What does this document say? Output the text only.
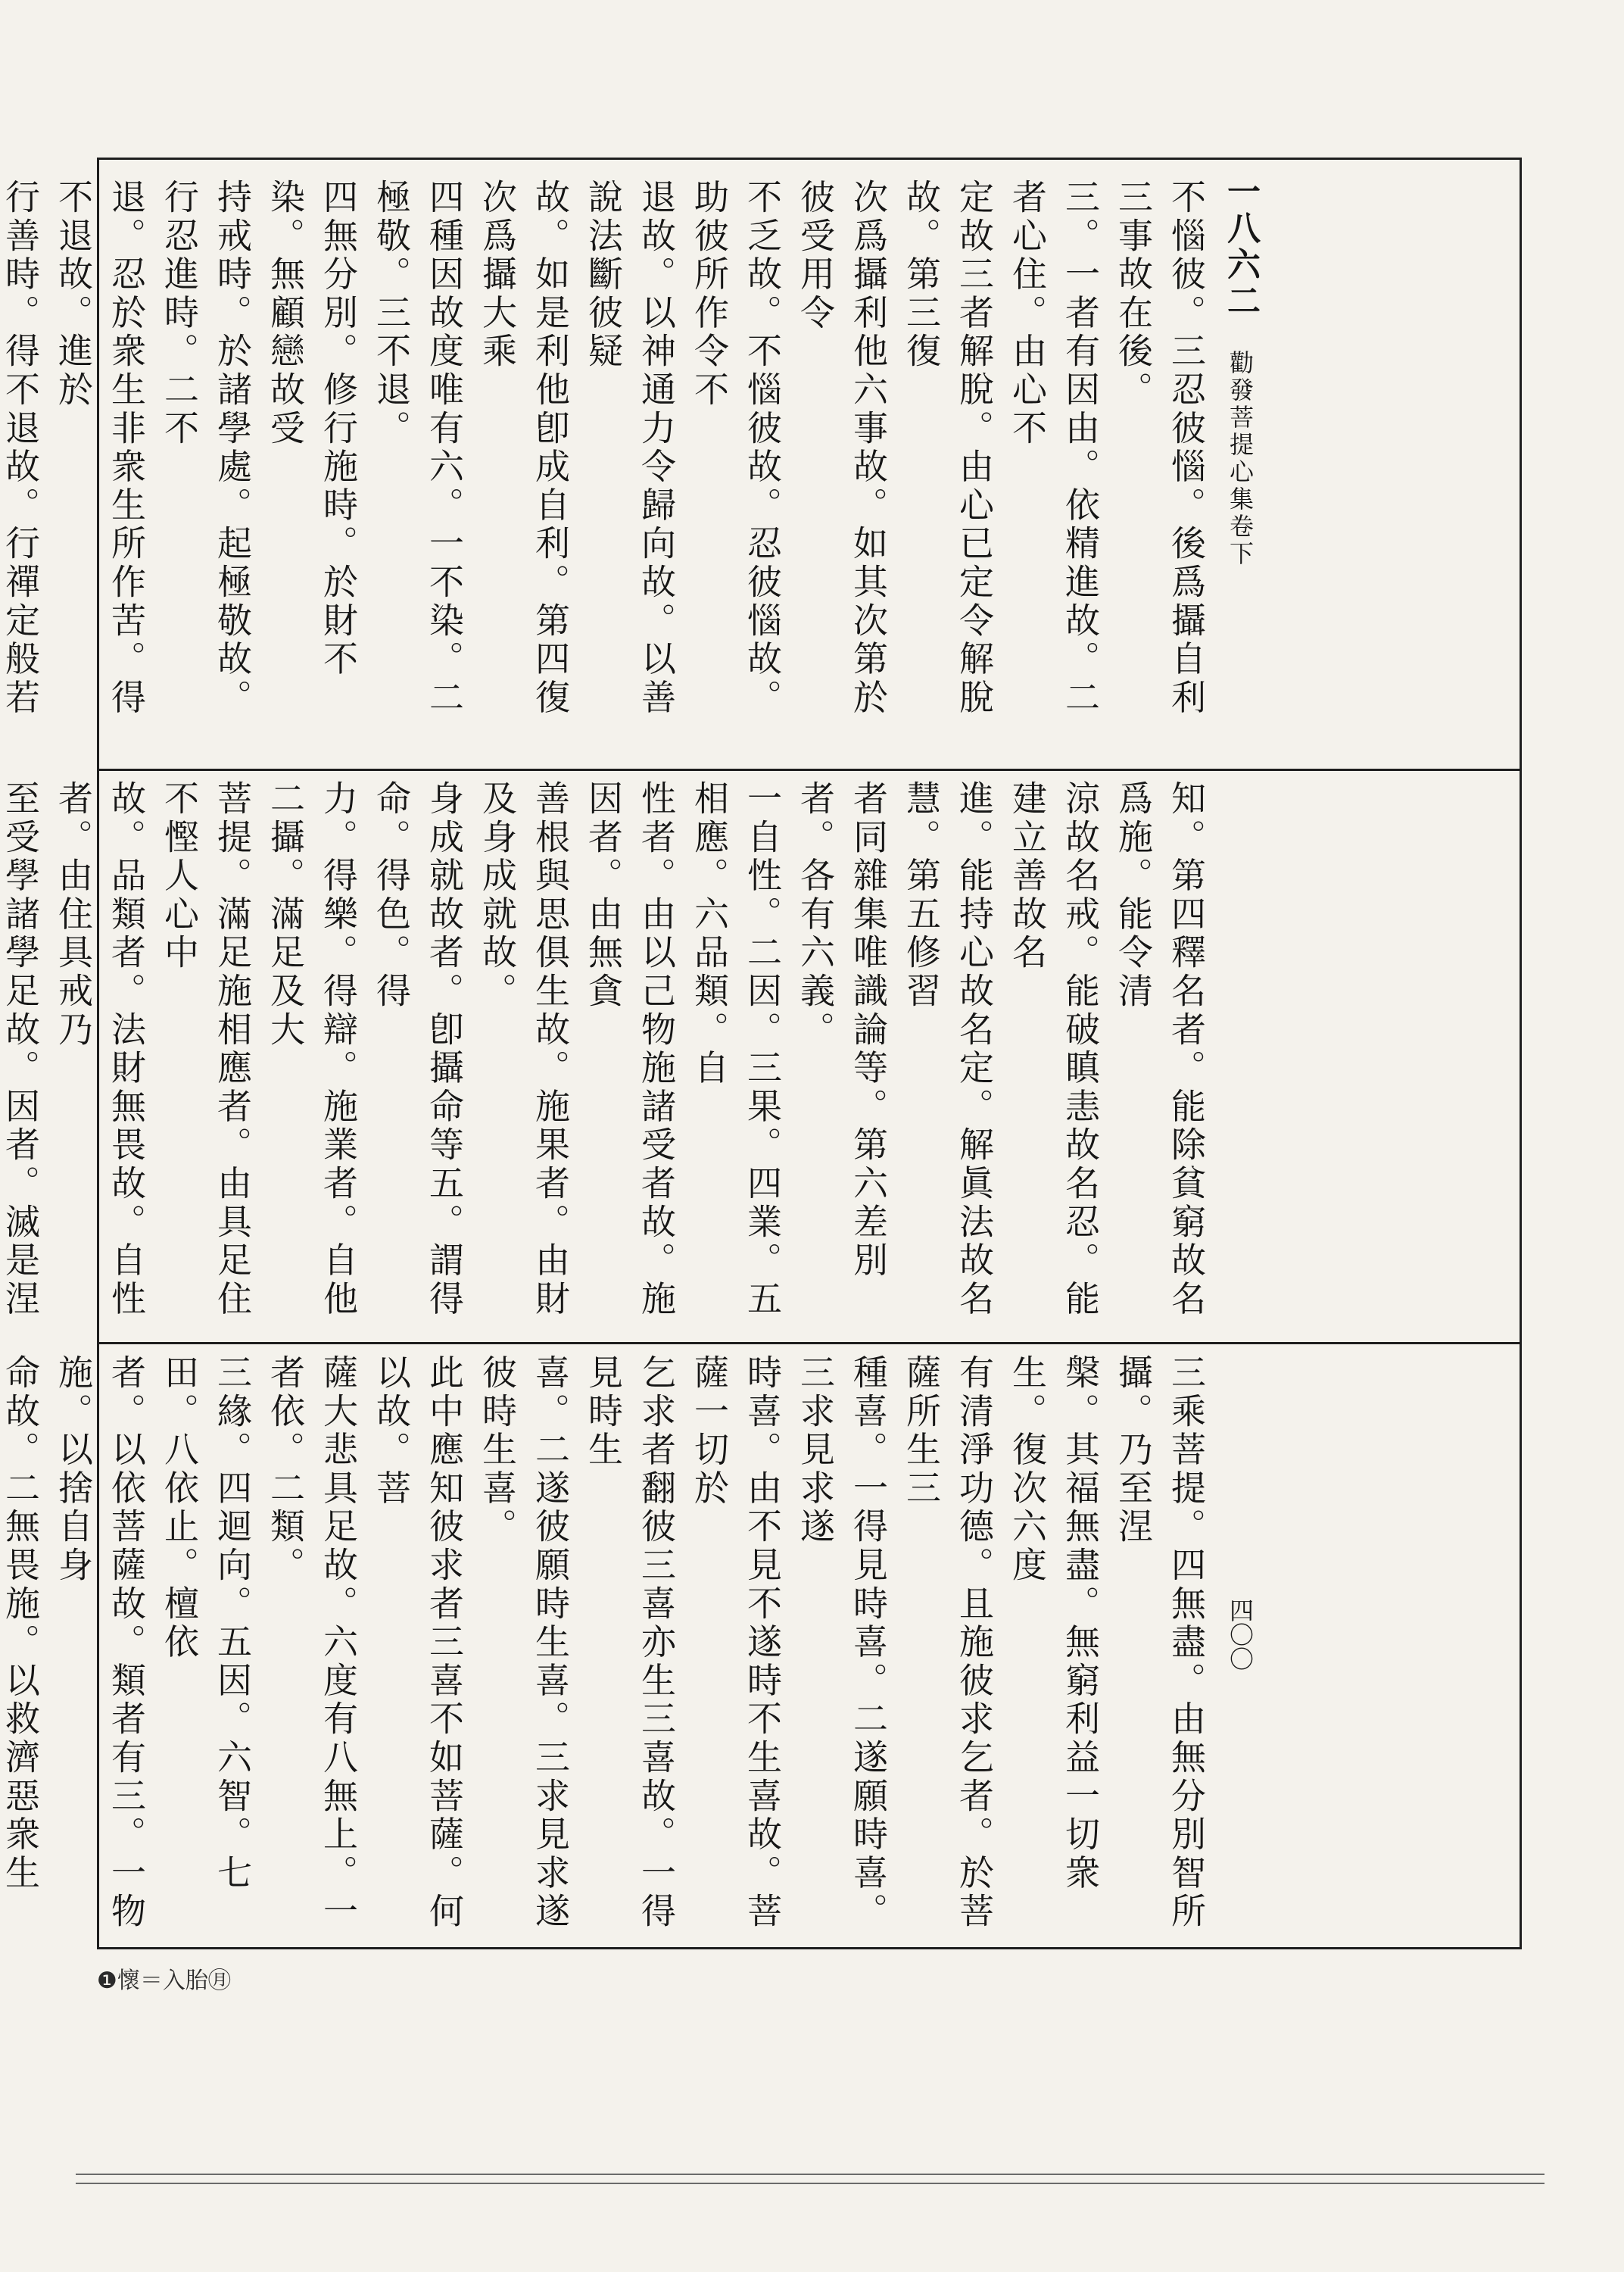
一八六二
勸發菩提心集卷下
四〇〇
不惱彼。三忍彼惱。後爲攝自利三事故在後。
三。一者有因由。依精進故。二者心住。由心不
定故三者解脫。由心已定令解脫故。第三復
次爲攝利他六事故。如其次第於彼受用令
不乏故。不惱彼故。忍彼惱故。助彼所作令不
退故。以神通力令歸向故。以善說法斷彼疑
故。如是利他卽成自利。第四復次爲攝大乘
四種因故度唯有六。一不染。二極敬。三不退。
四無分別。修行施時。於財不染。無顧戀故受
持戒時。於諸學處。起極敬故。行忍進時。二不
退。忍於衆生非衆生所作苦。得不退故。進於
行善時。得不退故。行禪定般若
知。第四釋名者。能除貧窮故名爲施。能令清
涼故名戒。能破瞋恚故名忍。能建立善故名
進。能持心故名定。解眞法故名慧。第五修習
者同雜集唯識論等。第六差別者。各有六義。
一自性。二因。三果。四業。五相應。六品類。自
性者。由以己物施諸受者故。施因者。由無貪
善根與思俱生故。施果者。由財及身成就故。
身成就故者。卽攝命等五。謂得命。得色。得
力。得樂。得辯。施業者。自他二攝。滿足及大
菩提。滿足施相應者。由具足住不慳人心中
故。品類者。法財無畏故。自性者。由住具戒乃
至受學諸學足故。因者。滅是涅
三乘菩提。四無盡。由無分別智所攝。乃至涅
槃。其福無盡。無窮利益一切衆生。復次六度
有清淨功德。且施彼求乞者。於菩薩所生三
種喜。一得見時喜。二遂願時喜。三求見求遂
時喜。由不見不遂時不生喜故。菩薩一切於
乞求者翻彼三喜亦生三喜故。一得見時生
喜。二遂彼願時生喜。三求見求遂彼時生喜。
此中應知彼求者三喜不如菩薩。何以故。菩
薩大悲具足故。六度有八無上。一者依。二類。
三緣。四迴向。五因。六智。七田。八依止。檀依
者。以依菩薩故。類者有三。一物施。以捨自身
命故。二無畏施。以救濟惡衆生
❶懷＝入胎㊊
